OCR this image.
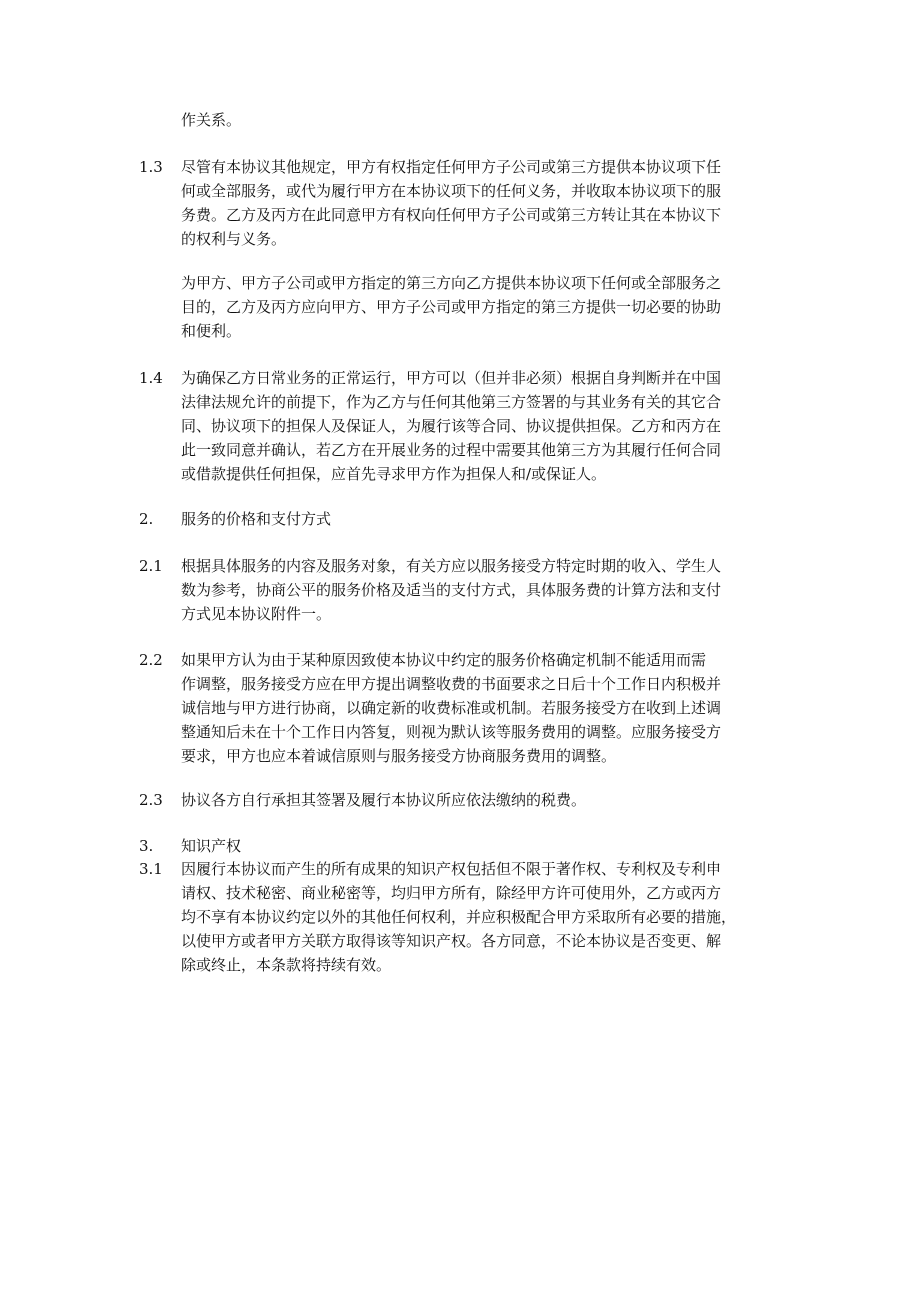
作关系。
1.3	尽管有本协议其他规定，甲方有权指定任何甲方子公司或第三方提供本协议项下任
何或全部服务，或代为履行甲方在本协议项下的任何义务，并收取本协议项下的服
务费。乙方及丙方在此同意甲方有权向任何甲方子公司或第三方转让其在本协议下
的权利与义务。
为甲方、甲方子公司或甲方指定的第三方向乙方提供本协议项下任何或全部服务之
目的，乙方及丙方应向甲方、甲方子公司或甲方指定的第三方提供一切必要的协助
和便利。
1.4	为确保乙方日常业务的正常运行，甲方可以（但并非必须）根据自身判断并在中国
法律法规允许的前提下，作为乙方与任何其他第三方签署的与其业务有关的其它合
同、协议项下的担保人及保证人，为履行该等合同、协议提供担保。乙方和丙方在
此一致同意并确认，若乙方在开展业务的过程中需要其他第三方为其履行任何合同
或借款提供任何担保，应首先寻求甲方作为担保人和/或保证人。
2.	服务的价格和支付方式
2.1	根据具体服务的内容及服务对象，有关方应以服务接受方特定时期的收入、学生人
数为参考，协商公平的服务价格及适当的支付方式，具体服务费的计算方法和支付
方式见本协议附件一。
2.2	如果甲方认为由于某种原因致使本协议中约定的服务价格确定机制不能适用而需
作调整，服务接受方应在甲方提出调整收费的书面要求之日后十个工作日内积极并
诚信地与甲方进行协商，以确定新的收费标准或机制。若服务接受方在收到上述调
整通知后未在十个工作日内答复，则视为默认该等服务费用的调整。应服务接受方
要求，甲方也应本着诚信原则与服务接受方协商服务费用的调整。
2.3	协议各方自行承担其签署及履行本协议所应依法缴纳的税费。
3.	知识产权
3.1	因履行本协议而产生的所有成果的知识产权包括但不限于著作权、专利权及专利申
请权、技术秘密、商业秘密等，均归甲方所有，除经甲方许可使用外，乙方或丙方
均不享有本协议约定以外的其他任何权利，并应积极配合甲方采取所有必要的措施，
以使甲方或者甲方关联方取得该等知识产权。各方同意，不论本协议是否变更、解
除或终止，本条款将持续有效。
